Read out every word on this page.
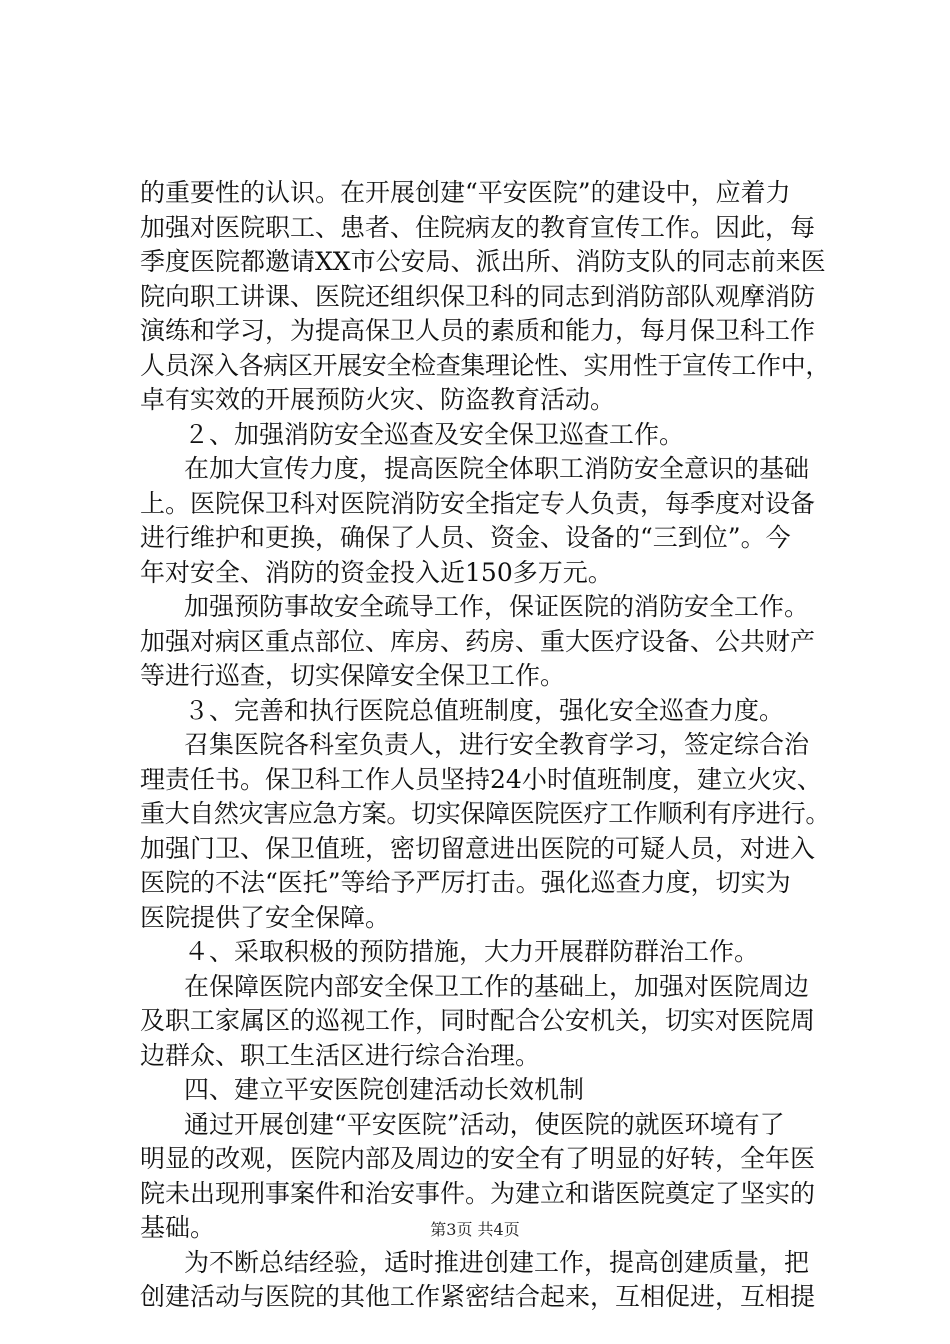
的重要性的认识。在开展创建“平安医院”的建设中，应着力
加强对医院职工、患者、住院病友的教育宣传工作。因此，每
季度医院都邀请XX市公安局、派出所、消防支队的同志前来医
院向职工讲课、医院还组织保卫科的同志到消防部队观摩消防
演练和学习，为提高保卫人员的素质和能力，每月保卫科工作
人员深入各病区开展安全检查集理论性、实用性于宣传工作中，
卓有实效的开展预防火灾、防盗教育活动。
２、加强消防安全巡查及安全保卫巡查工作。
在加大宣传力度，提高医院全体职工消防安全意识的基础
上。医院保卫科对医院消防安全指定专人负责，每季度对设备
进行维护和更换，确保了人员、资金、设备的“三到位”。今
年对安全、消防的资金投入近150多万元。
加强预防事故安全疏导工作，保证医院的消防安全工作。
加强对病区重点部位、库房、药房、重大医疗设备、公共财产
等进行巡查，切实保障安全保卫工作。
３、完善和执行医院总值班制度，强化安全巡查力度。
召集医院各科室负责人，进行安全教育学习，签定综合治
理责任书。保卫科工作人员坚持24小时值班制度，建立火灾、
重大自然灾害应急方案。切实保障医院医疗工作顺利有序进行。
加强门卫、保卫值班，密切留意进出医院的可疑人员，对进入
医院的不法“医托”等给予严厉打击。强化巡查力度，切实为
医院提供了安全保障。
４、采取积极的预防措施，大力开展群防群治工作。
在保障医院内部安全保卫工作的基础上，加强对医院周边
及职工家属区的巡视工作，同时配合公安机关，切实对医院周
边群众、职工生活区进行综合治理。
四、建立平安医院创建活动长效机制
通过开展创建“平安医院”活动，使医院的就医环境有了
明显的改观，医院内部及周边的安全有了明显的好转，全年医
院未出现刑事案件和治安事件。为建立和谐医院奠定了坚实的
基础。
为不断总结经验，适时推进创建工作，提高创建质量，把
创建活动与医院的其他工作紧密结合起来，互相促进，互相提
第3页 共4页
